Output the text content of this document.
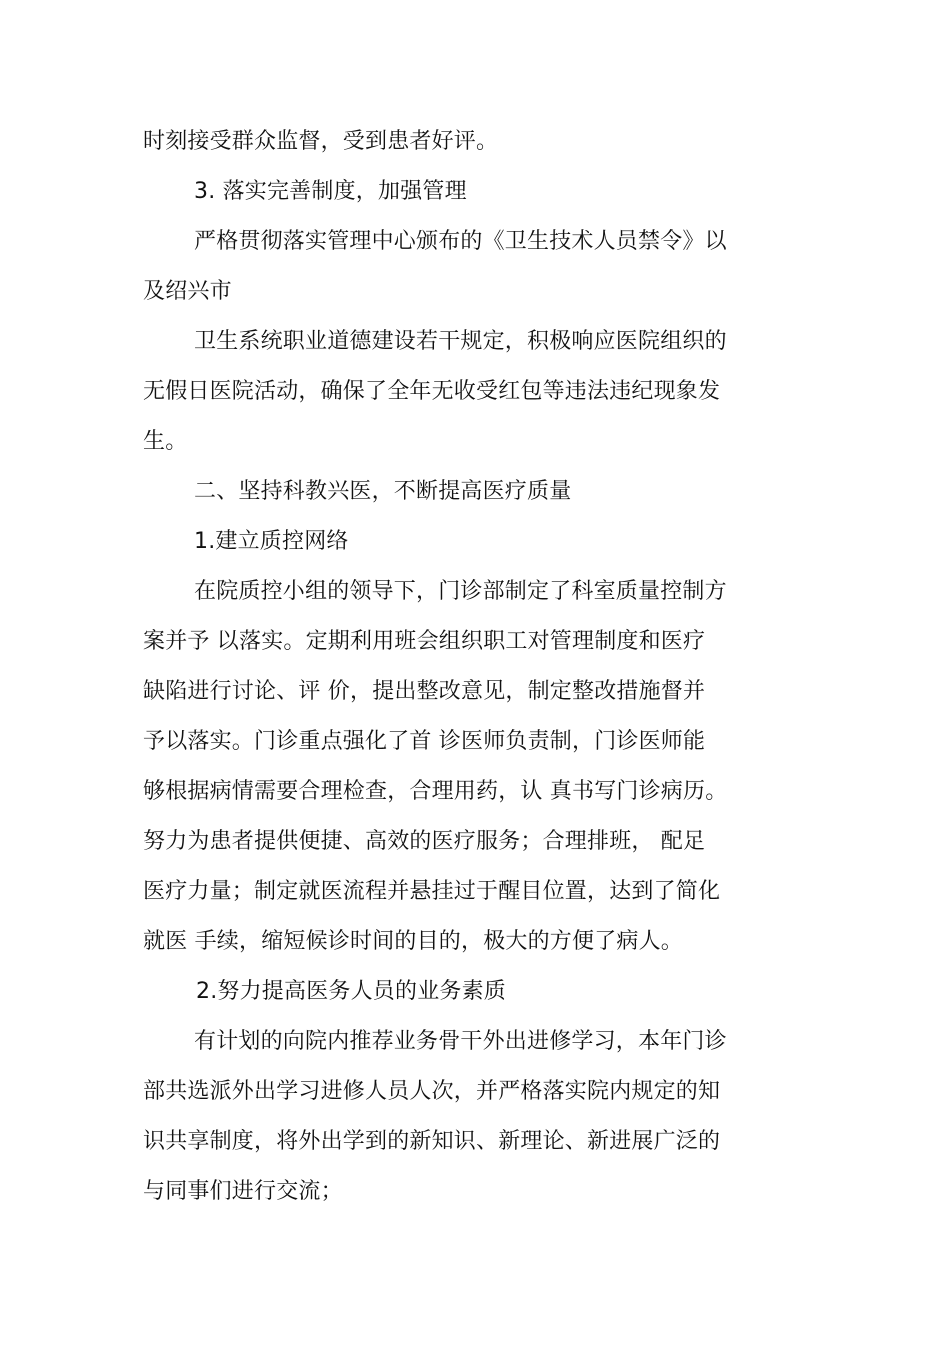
时刻接受群众监督，受到患者好评。

3. 落实完善制度，加强管理

严格贯彻落实管理中心颁布的《卫生技术人员禁令》以

及绍兴市

卫生系统职业道德建设若干规定，积极响应医院组织的

无假日医院活动，确保了全年无收受红包等违法违纪现象发

生。

二、坚持科教兴医，不断提高医疗质量

1.建立质控网络

在院质控小组的领导下，门诊部制定了科室质量控制方

案并予 以落实。定期利用班会组织职工对管理制度和医疗

缺陷进行讨论、评 价，提出整改意见，制定整改措施督并

予以落实。门诊重点强化了首 诊医师负责制，门诊医师能

够根据病情需要合理检查，合理用药，认 真书写门诊病历。

努力为患者提供便捷、高效的医疗服务；合理排班， 配足

医疗力量；制定就医流程并悬挂过于醒目位置，达到了简化

就医 手续，缩短候诊时间的目的，极大的方便了病人。

2.努力提高医务人员的业务素质

有计划的向院内推荐业务骨干外出进修学习，本年门诊

部共选派外出学习进修人员人次，并严格落实院内规定的知

识共享制度，将外出学到的新知识、新理论、新进展广泛的

与同事们进行交流；
